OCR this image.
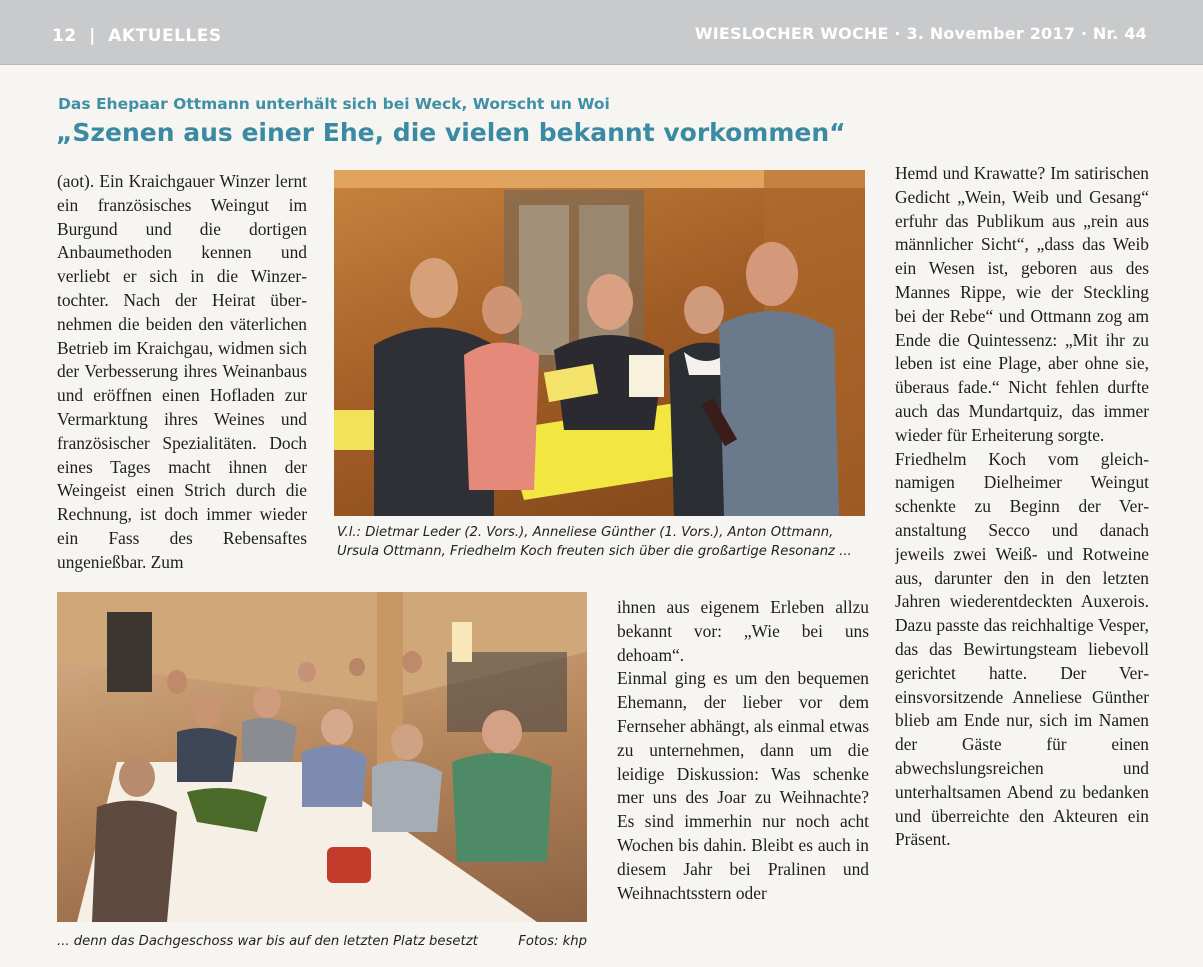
12 | AKTUELLES	WIESLOCHER WOCHE · 3. November 2017 · Nr. 44
Das Ehepaar Ottmann unterhält sich bei Weck, Worscht un Woi
„Szenen aus einer Ehe, die vielen bekannt vorkommen“

(aot). Ein Kraichgauer Winzer lernt ein französisches Weingut im Burgund und die dortigen Anbaumethoden kennen und verliebt er sich in die Winzertochter. Nach der Heirat übernehmen die beiden den väterlichen Betrieb im Kraichgau, widmen sich der Verbesserung ihres Weinanbaus und eröffnen einen Hofladen zur Vermarktung ihres Weines und französischer Spezialitäten. Doch eines Tages macht ihnen der Weingeist einen Strich durch die Rechnung, ist doch immer wieder ein Fass des Rebensaftes ungenießbar. Zum

V.l.: Dietmar Leder (2. Vors.), Anneliese Günther (1. Vors.), Anton Ottmann, Ursula Ottmann, Friedhelm Koch freuten sich über die großartige Resonanz ...
... denn das Dachgeschoss war bis auf den letzten Platz besetzt	Fotos: khp

ihnen aus eigenem Erleben allzu bekannt vor: „Wie bei uns dehoam“.

Einmal ging es um den bequemen Ehemann, der lieber vor dem Fernseher abhängt, als einmal etwas zu unternehmen, dann um die leidige Diskussion: Was schenke mer uns des Joar zu Weihnachte? Es sind immerhin nur noch acht Wochen bis dahin. Bleibt es auch in diesem Jahr bei Pralinen und Weihnachtsstern oder

Hemd und Krawatte? Im satirischen Gedicht „Wein, Weib und Gesang“ erfuhr das Publikum aus „rein aus männlicher Sicht“, „dass das Weib ein Wesen ist, geboren aus des Mannes Rippe, wie der Steckling bei der Rebe“ und Ottmann zog am Ende die Quintessenz: „Mit ihr zu leben ist eine Plage, aber ohne sie, überaus fade.“ Nicht fehlen durfte auch das Mundartquiz, das immer wieder für Erheiterung sorgte.

Friedhelm Koch vom gleichnamigen Dielheimer Weingut schenkte zu Beginn der Veranstaltung Secco und danach jeweils zwei Weiß- und Rotweine aus, darunter den in den letzten Jahren wiederentdeckten Auxerois. Dazu passte das reichhaltige Vesper, das das Bewirtungsteam liebevoll gerichtet hatte. Der Vereinsvorsitzende Anneliese Günther blieb am Ende nur, sich im Namen der Gäste für einen abwechslungsreichen und unterhaltsamen Abend zu bedanken und überreichte den Akteuren ein Präsent.
